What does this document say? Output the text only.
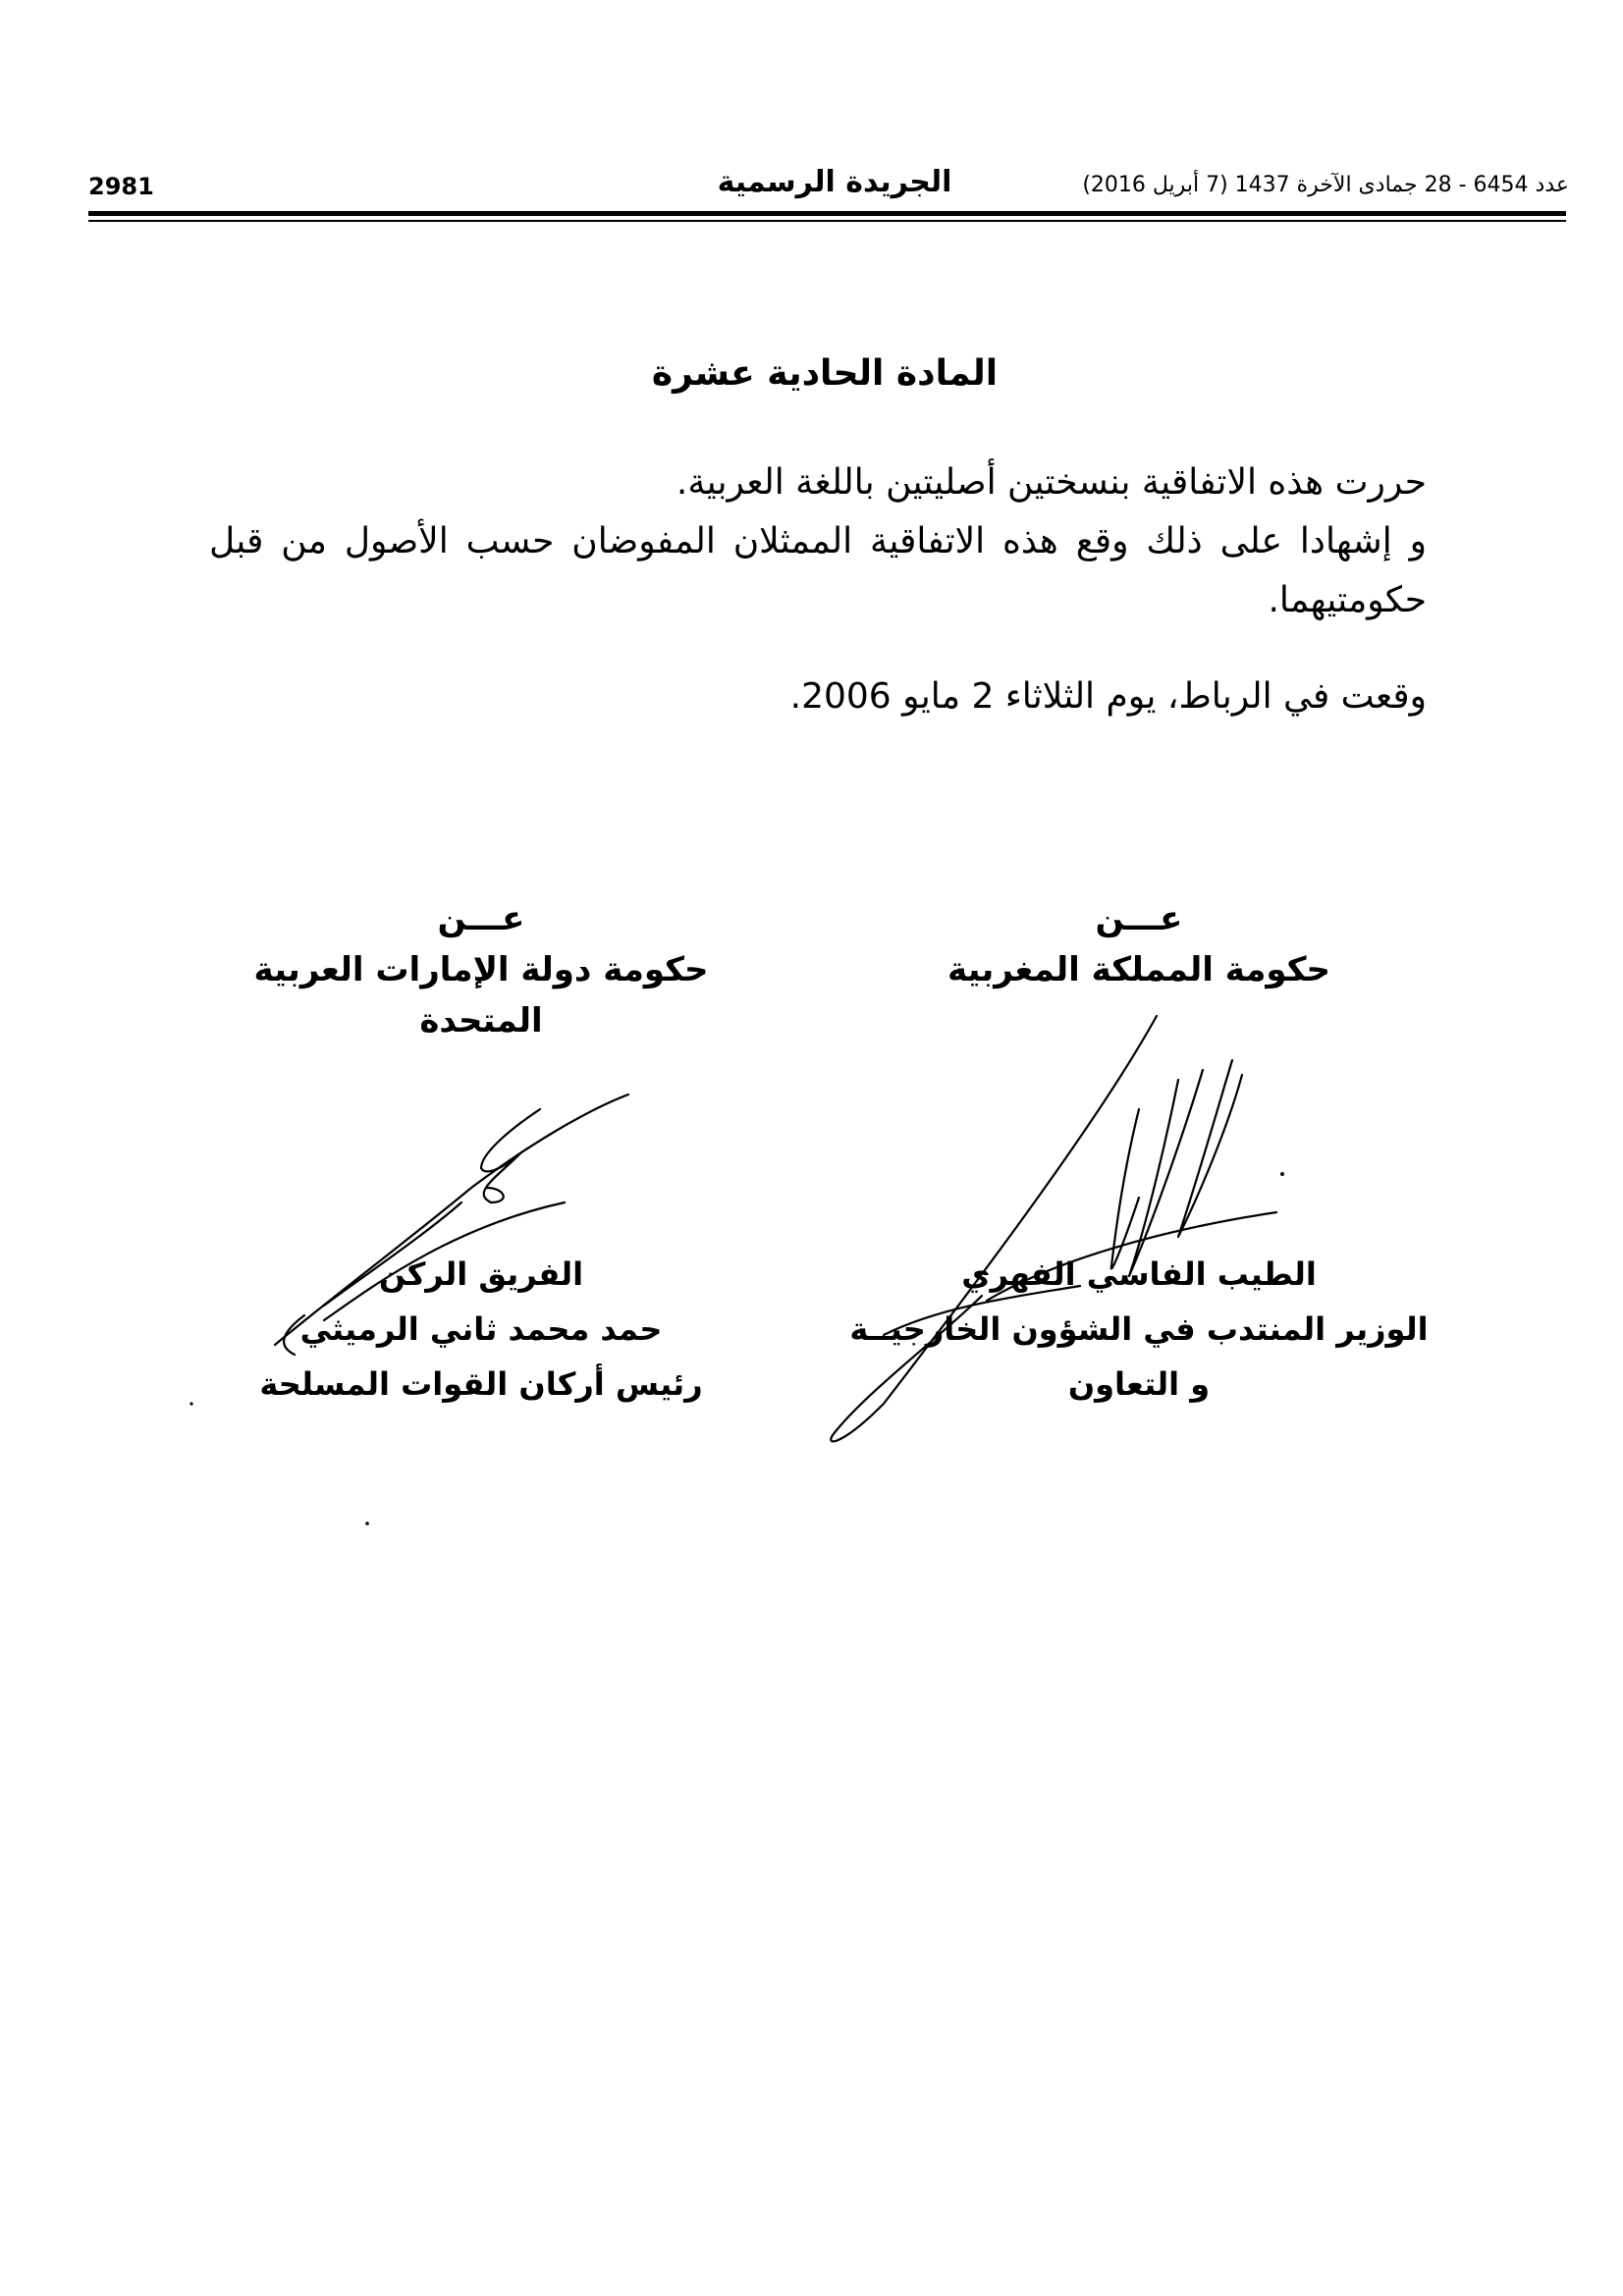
2981	الجريدة الرسمية	عدد 6454 - 28 جمادى الآخرة 1437 (7 أبريل 2016)
المادة الحادية عشرة
حررت هذه الاتفاقية بنسختين أصليتين باللغة العربية.
و إشهادا على ذلك وقع هذه الاتفاقية الممثلان المفوضان حسب الأصول من قبل حكومتيهما.
وقعت في الرباط، يوم الثلاثاء 2 مايو 2006.
عـــن
حكومة المملكة المغربية
عـــن
حكومة دولة الإمارات العربية
المتحدة
الطيب الفاسي الفهري
الوزير المنتدب في الشؤون الخارجيــة
و التعاون
الفريق الركن
حمد محمد ثاني الرميثي
رئيس أركان القوات المسلحة
